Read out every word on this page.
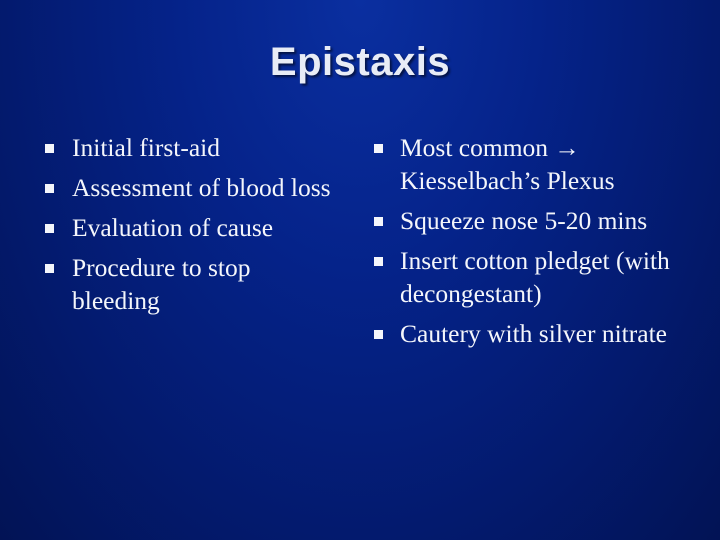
Epistaxis
Initial first-aid
Assessment of blood loss
Evaluation of cause
Procedure to stop bleeding
Most common → Kiesselbach’s Plexus
Squeeze nose 5-20 mins
Insert cotton pledget (with decongestant)
Cautery with silver nitrate
